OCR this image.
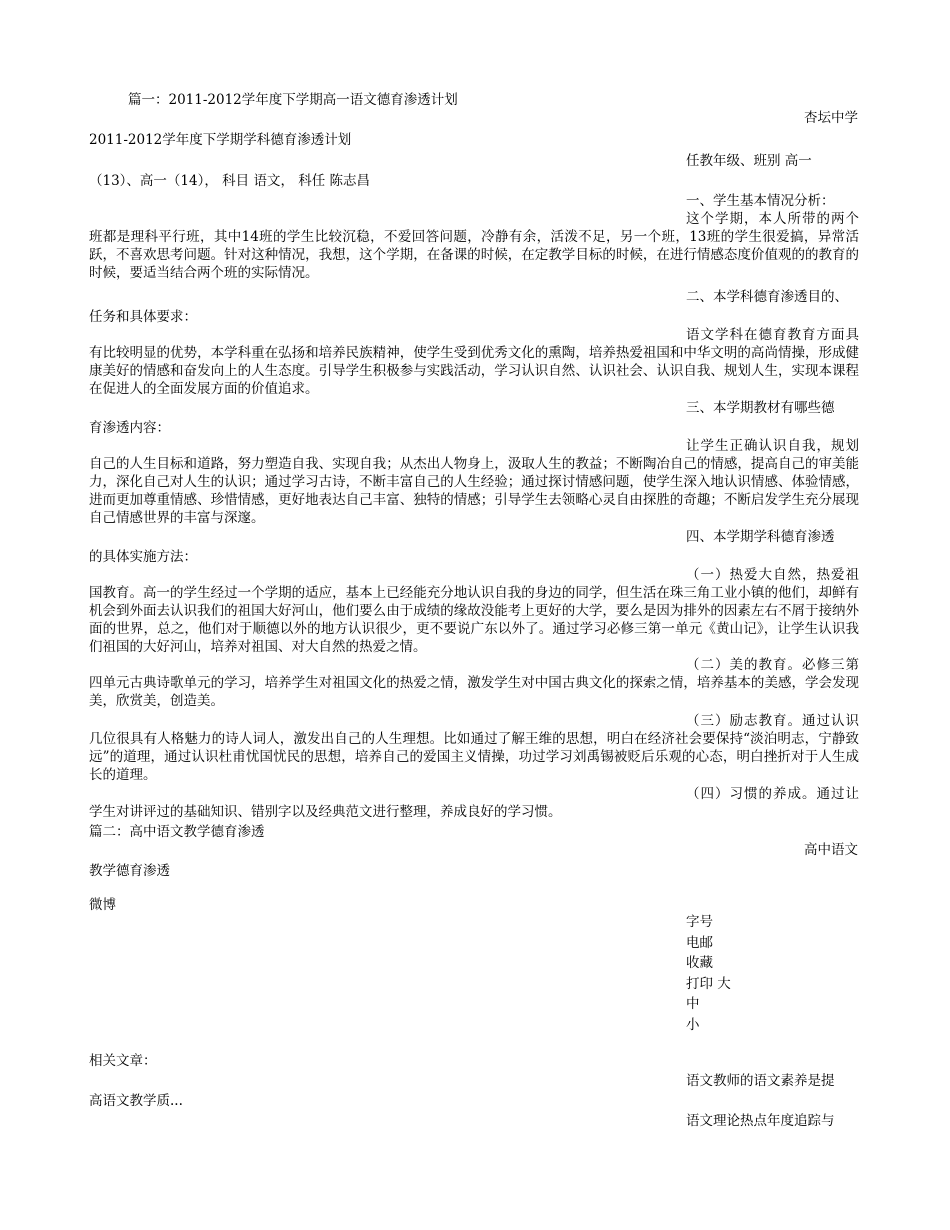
篇一：2011-2012学年度下学期高一语文德育渗透计划
杏坛中学
2011-2012学年度下学期学科德育渗透计划
任教年级、班别 高一
（13）、高一（14）， 科目 语文， 科任 陈志昌
一、学生基本情况分析：
这个学期，本人所带的两个班都是理科平行班，其中14班的学生比较沉稳，不爱回答问题，冷静有余，活泼不足，另一个班，13班的学生很爱搞，异常活跃，不喜欢思考问题。针对这种情况，我想，这个学期，在备课的时候，在定教学目标的时候，在进行情感态度价值观的的教育的时候，要适当结合两个班的实际情况。
二、本学科德育渗透目的、
任务和具体要求：
语文学科在德育教育方面具有比较明显的优势，本学科重在弘扬和培养民族精神，使学生受到优秀文化的熏陶，培养热爱祖国和中华文明的高尚情操，形成健康美好的情感和奋发向上的人生态度。引导学生积极参与实践活动，学习认识自然、认识社会、认识自我、规划人生，实现本课程在促进人的全面发展方面的价值追求。
三、本学期教材有哪些德
育渗透内容：
让学生正确认识自我，规划自己的人生目标和道路，努力塑造自我、实现自我；从杰出人物身上，汲取人生的教益；不断陶冶自己的情感，提高自己的审美能力，深化自己对人生的认识；通过学习古诗，不断丰富自己的人生经验；通过探讨情感问题，使学生深入地认识情感、体验情感，进而更加尊重情感、珍惜情感，更好地表达自己丰富、独特的情感；引导学生去领略心灵自由探胜的奇趣；不断启发学生充分展现自己情感世界的丰富与深邃。
四、本学期学科德育渗透
的具体实施方法：
（一）热爱大自然，热爱祖国教育。高一的学生经过一个学期的适应，基本上已经能充分地认识自我的身边的同学，但生活在珠三角工业小镇的他们，却鲜有机会到外面去认识我们的祖国大好河山，他们要么由于成绩的缘故没能考上更好的大学，要么是因为排外的因素左右不屑于接纳外面的世界，总之，他们对于顺德以外的地方认识很少，更不要说广东以外了。通过学习必修三第一单元《黄山记》，让学生认识我们祖国的大好河山，培养对祖国、对大自然的热爱之情。
（二）美的教育。必修三第四单元古典诗歌单元的学习，培养学生对祖国文化的热爱之情，激发学生对中国古典文化的探索之情，培养基本的美感，学会发现美，欣赏美，创造美。
（三）励志教育。通过认识几位很具有人格魅力的诗人词人，激发出自己的人生理想。比如通过了解王维的思想，明白在经济社会要保持“淡泊明志，宁静致远”的道理，通过认识杜甫忧国忧民的思想，培养自己的爱国主义情操，功过学习刘禹锡被贬后乐观的心态，明白挫折对于人生成长的道理。
（四）习惯的养成。通过让学生对讲评过的基础知识、错别字以及经典范文进行整理，养成良好的学习惯。
篇二：高中语文教学德育渗透
高中语文
教学德育渗透
微博
字号
电邮
收藏
打印 大
中
小
相关文章：
语文教师的语文素养是提
高语文教学质...
语文理论热点年度追踪与
